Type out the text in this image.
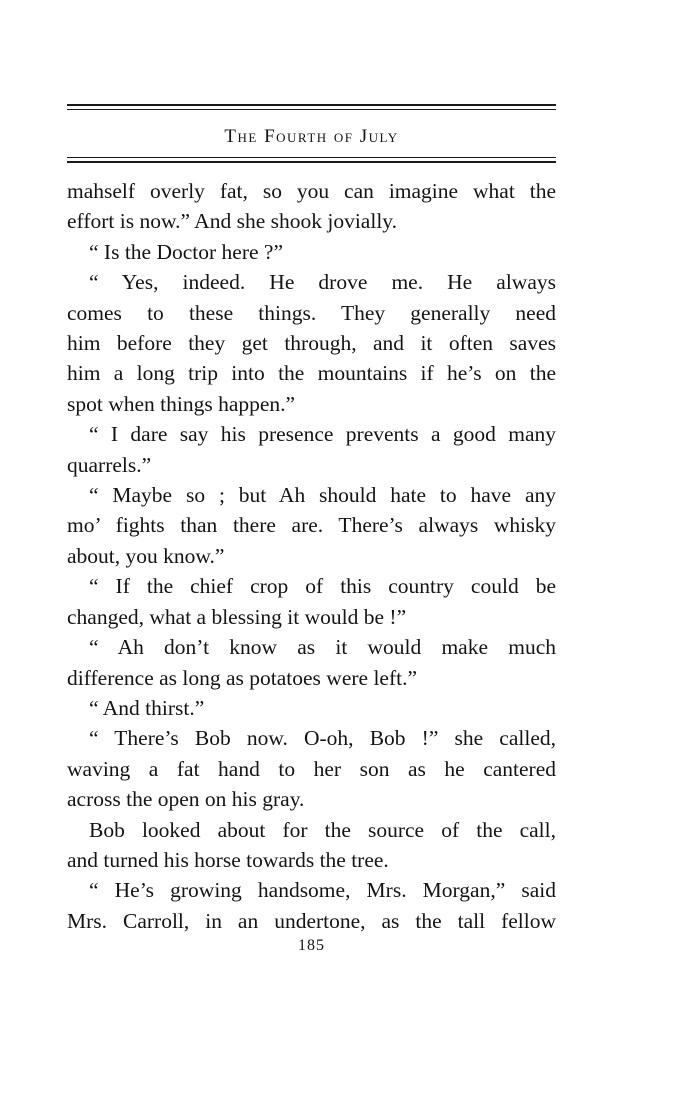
The Fourth of July

mahself overly fat, so you can imagine what the

effort is now.” And she shook jovially.

“ Is the Doctor here ?”

“ Yes, indeed. He drove me. He always

comes to these things. They generally need

him before they get through, and it often saves

him a long trip into the mountains if he’s on the

spot when things happen.”

“ I dare say his presence prevents a good many

quarrels.”

“ Maybe so ; but Ah should hate to have any

mo’ fights than there are. There’s always whisky

about, you know.”

“ If the chief crop of this country could be

changed, what a blessing it would be !”

“ Ah don’t know as it would make much

difference as long as potatoes were left.”

“ And thirst.”

“ There’s Bob now. O-oh, Bob !” she called,

waving a fat hand to her son as he cantered

across the open on his gray.

Bob looked about for the source of the call,

and turned his horse towards the tree.

“ He’s growing handsome, Mrs. Morgan,” said

Mrs. Carroll, in an undertone, as the tall fellow

185
